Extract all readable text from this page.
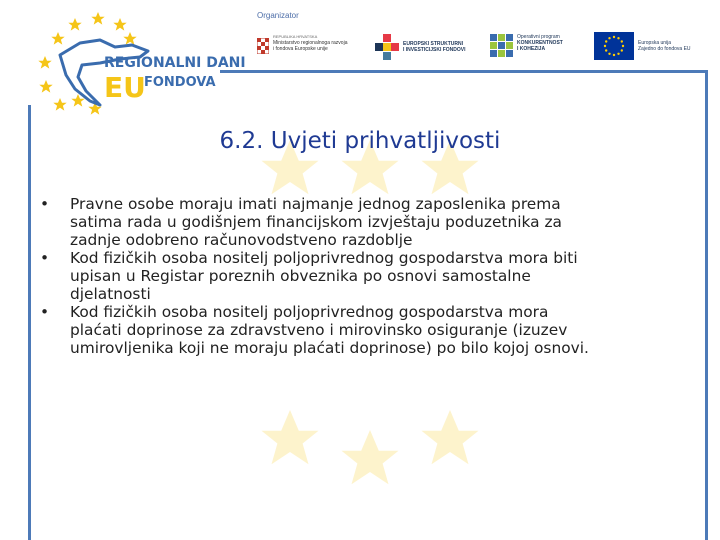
REGIONALNI DANI
EU
FONDOVA
Organizator
REPUBLIKA HRVATSKA
Ministarstvo regionalnoga razvoja
i fondova Europske unije
EUROPSKI STRUKTURNI
I INVESTICIJSKI FONDOVI
Operativni program
KONKURENTNOST
I KOHEZIJA
Europska unija
Zajedno do fondova EU
6.2. Uvjeti prihvatljivosti
• Pravne osobe moraju imati najmanje jednog zaposlenika prema
satima rada u godišnjem financijskom izvještaju poduzetnika za
zadnje odobreno računovodstveno razdoblje
• Kod fizičkih osoba nositelj poljoprivrednog gospodarstva mora biti
upisan u Registar poreznih obveznika po osnovi samostalne
djelatnosti
• Kod fizičkih osoba nositelj poljoprivrednog gospodarstva mora
plaćati doprinose za zdravstveno i mirovinsko osiguranje (izuzev
umirovljenika koji ne moraju plaćati doprinose) po bilo kojoj osnovi.
